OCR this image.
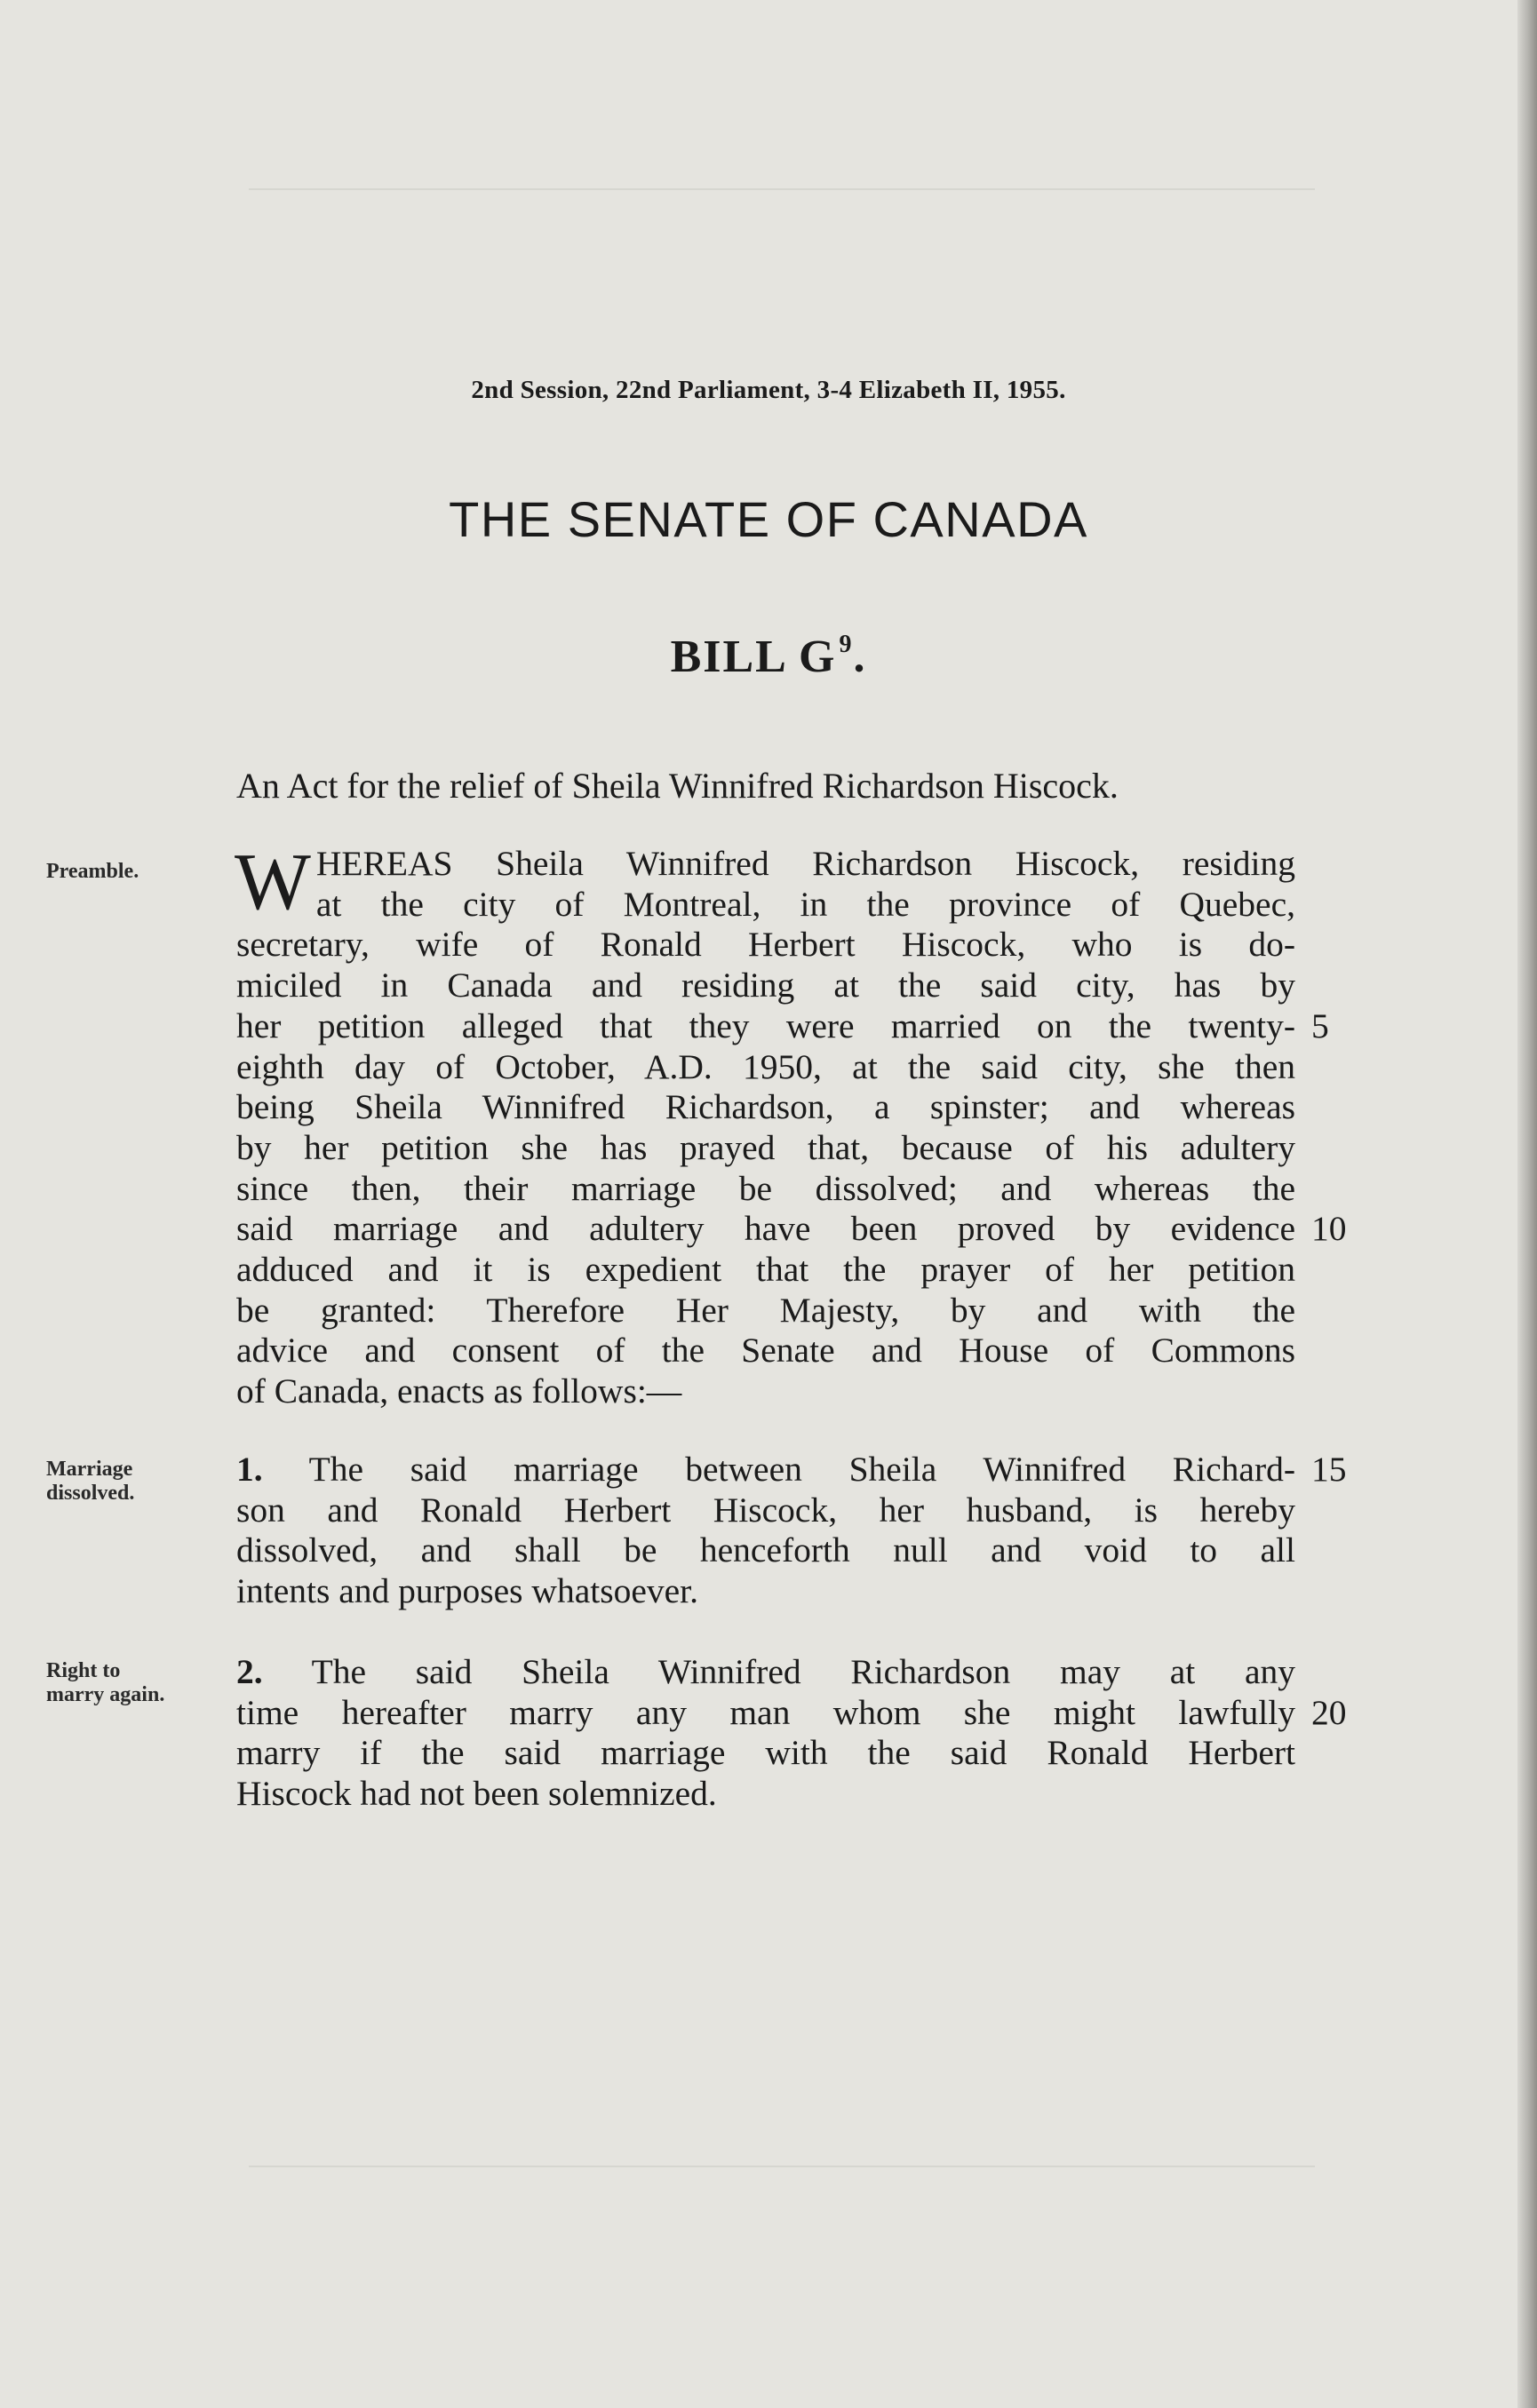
2nd Session, 22nd Parliament, 3-4 Elizabeth II, 1955.
THE SENATE OF CANADA
BILL G $^9$.
An Act for the relief of Sheila Winnifred Richardson Hiscock.
Preamble.	W HEREAS Sheila Winnifred Richardson Hiscock, residing
at the city of Montreal, in the province of Quebec,
secretary, wife of Ronald Herbert Hiscock, who is do-
miciled in Canada and residing at the said city, has by
her petition alleged that they were married on the twenty-
eighth day of October, A.D. 1950, at the said city, she then
being Sheila Winnifred Richardson, a spinster; and whereas
by her petition she has prayed that, because of his adultery
since then, their marriage be dissolved; and whereas the
said marriage and adultery have been proved by evidence
adduced and it is expedient that the prayer of her petition
be granted: Therefore Her Majesty, by and with the
advice and consent of the Senate and House of Commons
of Canada, enacts as follows:—
Marriage
dissolved.
1. The said marriage between Sheila Winnifred Richard-
son and Ronald Herbert Hiscock, her husband, is hereby
dissolved, and shall be henceforth null and void to all
intents and purposes whatsoever.
Right to
marry again.
2. The said Sheila Winnifred Richardson may at any
time hereafter marry any man whom she might lawfully
marry if the said marriage with the said Ronald Herbert
Hiscock had not been solemnized.
5
10
15
20
